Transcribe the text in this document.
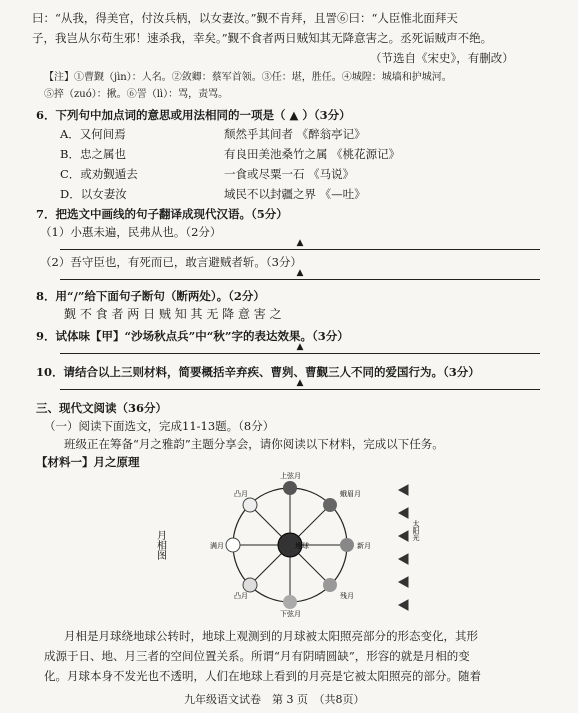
曰：“从我，得美官，付汝兵柄，以女妻汝。”觐不肯拜，且詈⑥曰：“人臣惟北面拜天
子，我岂从尔苟生邪！速杀我，幸矣。”觐不食者两日贼知其无降意害之。丞死诟贼声不绝。
（节选自《宋史》，有删改）
【注】①曹觐（jìn）：人名。②敛卿：蔡军首领。③任：堪，胜任。④城隍：城墙和护城河。
⑤捽（zuó）：揪。⑥詈（lì）：骂，责骂。
6．下列句中加点词的意思或用法相同的一项是（ ▲ ）（3分）
A．又何间焉	颓然乎其间者 《醉翁亭记》
B．忠之属也	有良田美池桑竹之属 《桃花源记》
C．或劝觐遁去	一食或尽粟一石 《马说》
D．以女妻汝	域民不以封疆之界 《—吐》
7．把选文中画线的句子翻译成现代汉语。（5分）
（1）小惠未遍，民弗从也。（2分）
▲
（2）吾守臣也，有死而已，敢言避贼者斩。（3分）
▲
8．用“/”给下面句子断句（断两处）。（2分）
觐 不 食 者 两 日 贼 知 其 无 降 意 害 之
9．试体味【甲】“沙场秋点兵”中“秋”字的表达效果。（3分）
▲
10．请结合以上三则材料，简要概括辛弃疾、曹刿、曹觐三人不同的爱国行为。（3分）
▲
三、现代文阅读（36分）
（一）阅读下面选文，完成11-13题。（8分）
班级正在筹备“月之雅韵”主题分享会，请你阅读以下材料，完成以下任务。
【材料一】月之原理
月相图	地球
上弦月
凸月	蛾眉月
满月	新月
凸月	残月
下弦月
太阳光
月相是月球绕地球公转时，地球上观测到的月球被太阳照亮部分的形态变化，其形
成源于日、地、月三者的空间位置关系。所谓“月有阴晴圆缺”，形容的就是月相的变
化。月球本身不发光也不透明，人们在地球上看到的月亮是它被太阳照亮的部分。随着
九年级语文试卷　第 3 页　（共8页）
